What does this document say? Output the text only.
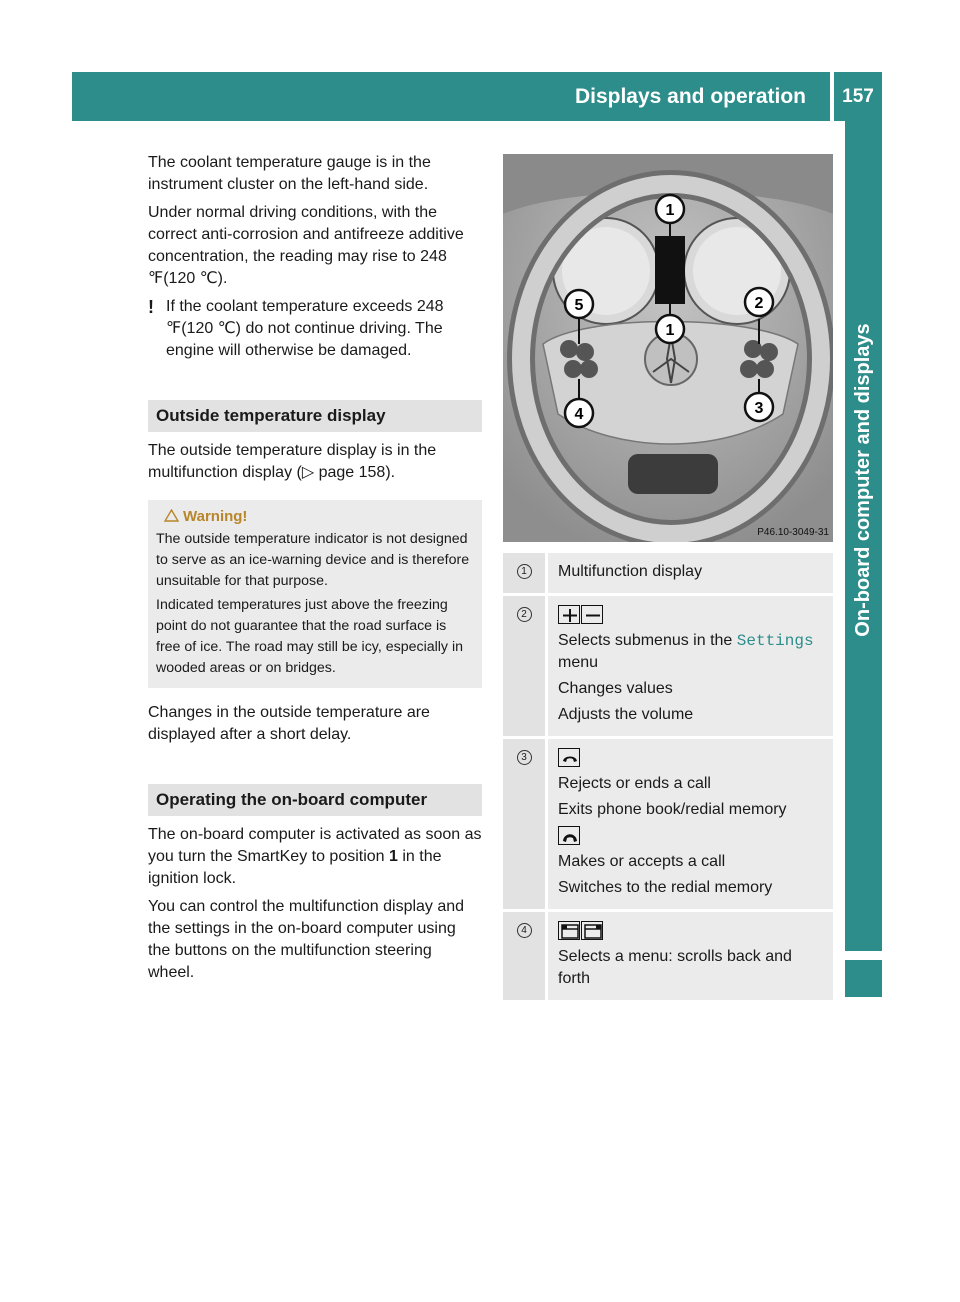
Displays and operation	157
On-board computer and displays

The coolant temperature gauge is in the instrument cluster on the left-hand side.

Under normal driving conditions, with the correct anti-corrosion and antifreeze additive concentration, the reading may rise to 248 ℉(120 ℃).

! If the coolant temperature exceeds 248 ℉(120 ℃) do not continue driving. The engine will otherwise be damaged.

Outside temperature display

The outside temperature display is in the multifunction display (▷ page 158).

Warning!

The outside temperature indicator is not designed to serve as an ice-warning device and is therefore unsuitable for that purpose.

Indicated temperatures just above the freezing point do not guarantee that the road surface is free of ice. The road may still be icy, especially in wooded areas or on bridges.

Changes in the outside temperature are displayed after a short delay.

Operating the on-board computer

The on-board computer is activated as soon as you turn the SmartKey to position 1 in the ignition lock.

You can control the multifunction display and the settings in the on-board computer using the buttons on the multifunction steering wheel.

1
1
2
3
4
5
P46.10-3049-31
1	Multifunction display

2

Selects submenus in the Settings menu

Changes values

Adjusts the volume

3

Rejects or ends a call

Exits phone book/redial memory

Makes or accepts a call

Switches to the redial memory

4

Selects a menu: scrolls back and forth
